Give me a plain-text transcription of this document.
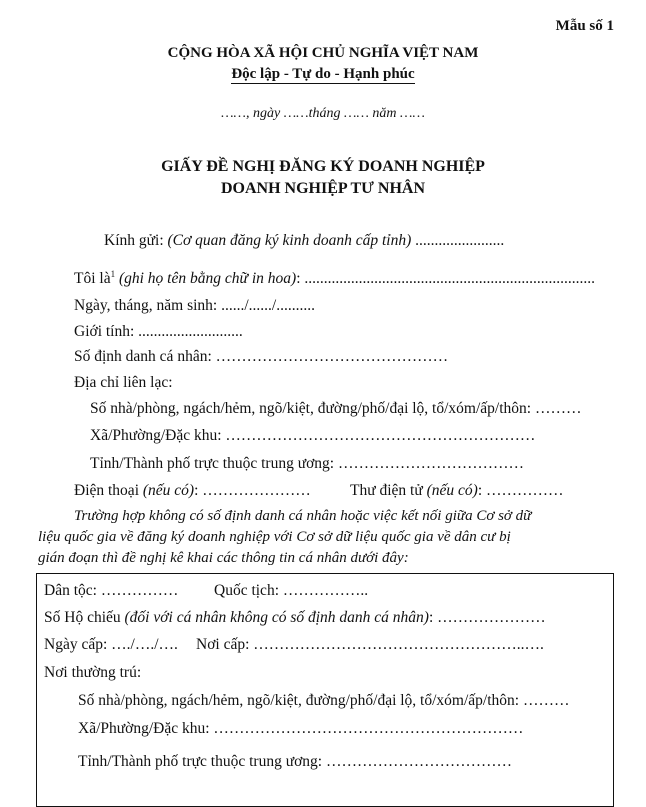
Mẫu số 1
CỘNG HÒA XÃ HỘI CHỦ NGHĨA VIỆT NAM
Độc lập - Tự do - Hạnh phúc
……, ngày ……tháng …… năm ……
GIẤY ĐỀ NGHỊ ĐĂNG KÝ DOANH NGHIỆP
DOANH NGHIỆP TƯ NHÂN
Kính gửi: (Cơ quan đăng ký kinh doanh cấp tỉnh) .......................
Tôi $là^1$ (ghi họ tên bằng chữ in hoa): ...........................................................................
Ngày, tháng, năm sinh: ....../....../..........
Giới tính: ...........................
Số định danh cá nhân: ………………………………………
Địa chỉ liên lạc:
Số nhà/phòng, ngách/hẻm, ngõ/kiệt, đường/phố/đại lộ, tổ/xóm/ấp/thôn: ………
Xã/Phường/Đặc khu: ……………………………………………………
Tỉnh/Thành phố trực thuộc trung ương: ………………………………
Điện thoại (nếu có): …………………	Thư điện tử (nếu có): ……………
Trường hợp không có số định danh cá nhân hoặc việc kết nối giữa Cơ sở dữ
liệu quốc gia về đăng ký doanh nghiệp với Cơ sở dữ liệu quốc gia về dân cư bị
gián đoạn thì đề nghị kê khai các thông tin cá nhân dưới đây:
Dân tộc: …………… Quốc tịch: ……………..
Số Hộ chiếu (đối với cá nhân không có số định danh cá nhân): …………………
Ngày cấp: …./…./…. Nơi cấp: ……………………………………………..….
Nơi thường trú:
Số nhà/phòng, ngách/hẻm, ngõ/kiệt, đường/phố/đại lộ, tổ/xóm/ấp/thôn: ………
Xã/Phường/Đặc khu: ……………………………………………………
Tỉnh/Thành phố trực thuộc trung ương: ………………………………
